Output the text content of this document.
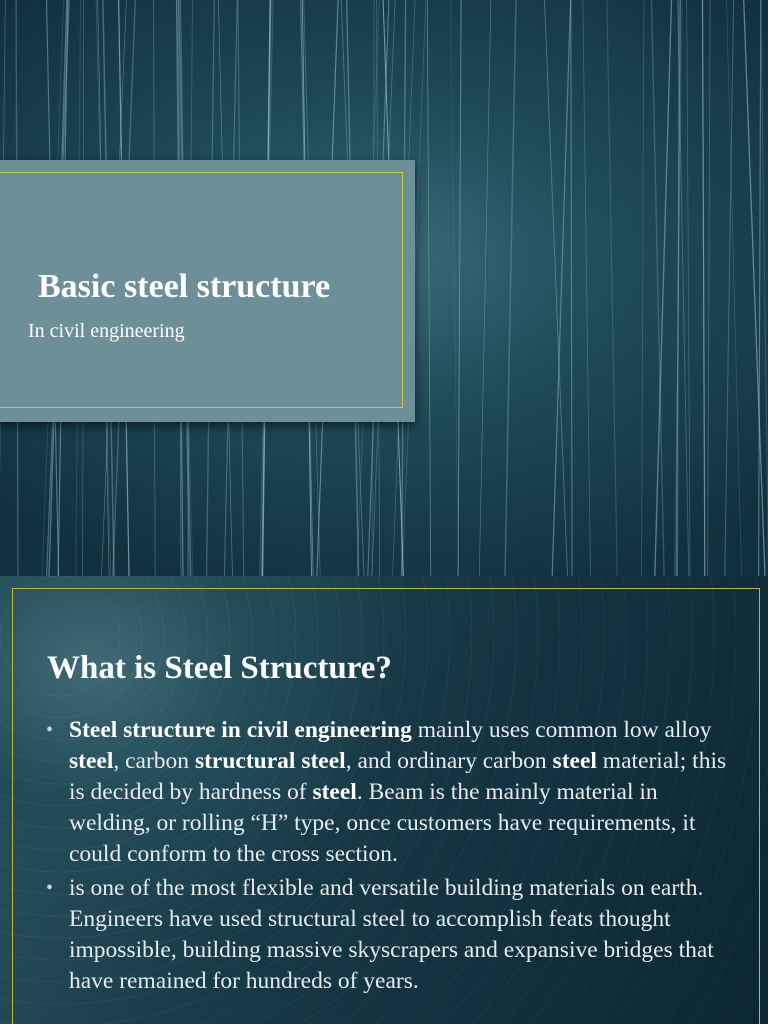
Basic steel structure

In civil engineering

What is Steel Structure?
• Steel structure in civil engineering mainly uses common low alloy steel, carbon structural steel, and ordinary carbon steel material; this is decided by hardness of steel. Beam is the mainly material in welding, or rolling “H” type, once customers have requirements, it could conform to the cross section.
• is one of the most flexible and versatile building materials on earth. Engineers have used structural steel to accomplish feats thought impossible, building massive skyscrapers and expansive bridges that have remained for hundreds of years.
